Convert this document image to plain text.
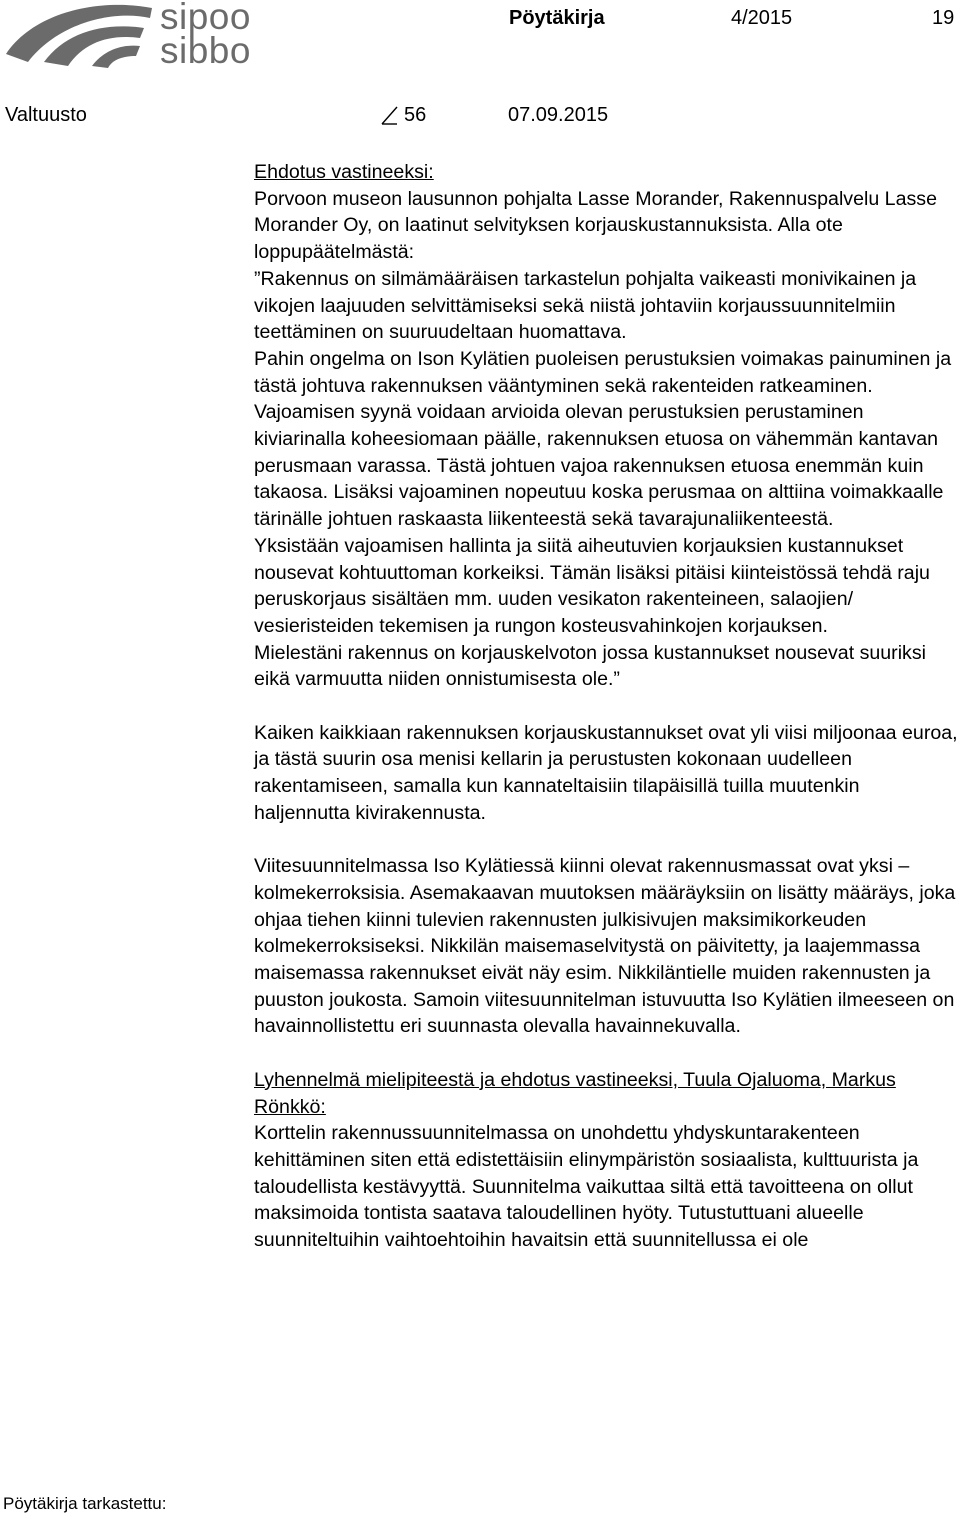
sipoo
sibbo
Pöytäkirja	4/2015	19
Valtuusto	56	07.09.2015

Ehdotus vastineeksi:

Porvoon museon lausunnon pohjalta Lasse Morander, Rakennuspalvelu Lasse Morander Oy, on laatinut selvityksen korjauskustannuksista. Alla ote loppupäätelmästä:

”Rakennus on silmämääräisen tarkastelun pohjalta vaikeasti monivikainen ja vikojen laajuuden selvittämiseksi sekä niistä johtaviin korjaussuunnitelmiin teettäminen on suuruudeltaan huomattava.

Pahin ongelma on Ison Kylätien puoleisen perustuksien voimakas painuminen ja tästä johtuva rakennuksen vääntyminen sekä rakenteiden ratkeaminen. Vajoamisen syynä voidaan arvioida olevan perustuksien perustaminen kiviarinalla koheesiomaan päälle, rakennuksen etuosa on vähemmän kantavan perusmaan varassa. Tästä johtuen vajoa rakennuksen etuosa enemmän kuin takaosa. Lisäksi vajoaminen nopeutuu koska perusmaa on alttiina voimakkaalle tärinälle johtuen raskaasta liikenteestä sekä tavarajunaliikenteestä.

Yksistään vajoamisen hallinta ja siitä aiheutuvien korjauksien kustannukset nousevat kohtuuttoman korkeiksi. Tämän lisäksi pitäisi kiinteistössä tehdä raju peruskorjaus sisältäen mm. uuden vesikaton rakenteineen, salaojien/ vesieristeiden tekemisen ja rungon kosteusvahinkojen korjauksen.

Mielestäni rakennus on korjauskelvoton jossa kustannukset nousevat suuriksi eikä varmuutta niiden onnistumisesta ole.”

Kaiken kaikkiaan rakennuksen korjauskustannukset ovat yli viisi miljoonaa euroa, ja tästä suurin osa menisi kellarin ja perustusten kokonaan uudelleen rakentamiseen, samalla kun kannateltaisiin tilapäisillä tuilla muutenkin haljennutta kivirakennusta.

Viitesuunnitelmassa Iso Kylätiessä kiinni olevat rakennusmassat ovat yksi – kolmekerroksisia. Asemakaavan muutoksen määräyksiin on lisätty määräys, joka ohjaa tiehen kiinni tulevien rakennusten julkisivujen maksimikorkeuden kolmekerroksiseksi. Nikkilän maisemaselvitystä on päivitetty, ja laajemmassa maisemassa rakennukset eivät näy esim. Nikkiläntielle muiden rakennusten ja puuston joukosta. Samoin viitesuunnitelman istuvuutta Iso Kylätien ilmeeseen on havainnollistettu eri suunnasta olevalla havainnekuvalla.

Lyhennelmä mielipiteestä ja ehdotus vastineeksi, Tuula Ojaluoma, Markus Rönkkö:

Korttelin rakennussuunnitelmassa on unohdettu yhdyskuntarakenteen kehittäminen siten että edistettäisiin elinympäristön sosiaalista, kulttuurista ja taloudellista kestävyyttä. Suunnitelma vaikuttaa siltä että tavoitteena on ollut maksimoida tontista saatava taloudellinen hyöty. Tutustuttuani alueelle suunniteltuihin vaihtoehtoihin havaitsin että suunnitellussa ei ole

Pöytäkirja tarkastettu:
